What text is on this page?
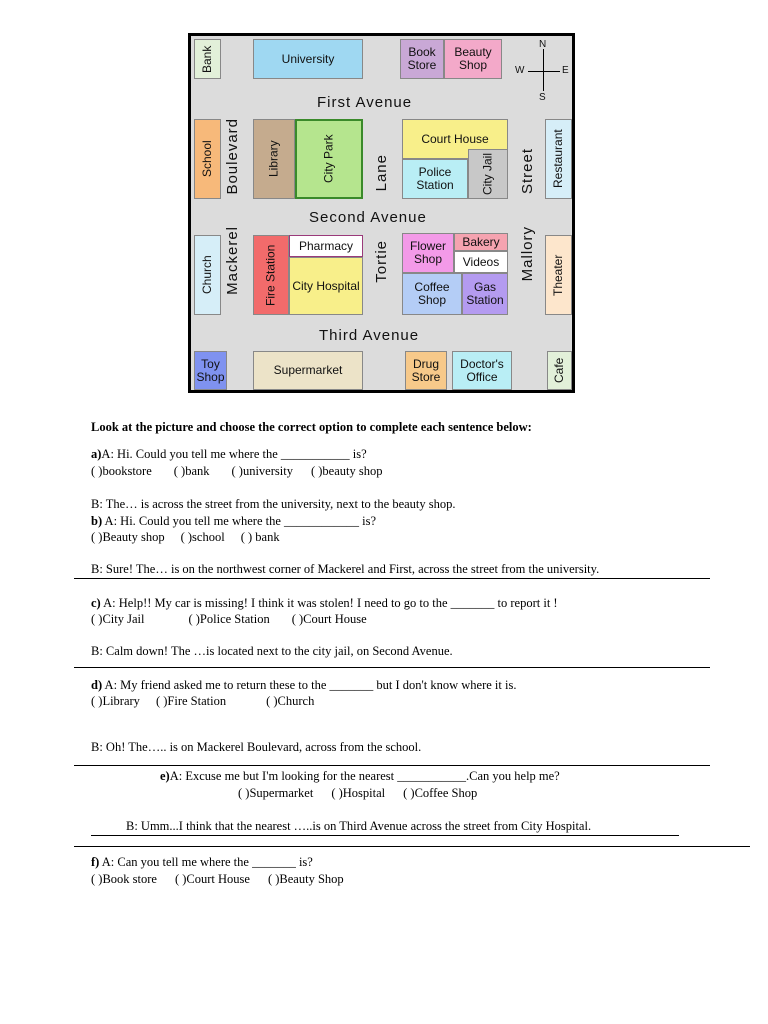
Bank	University	Book Store
Beauty Shop
N
S
W	E
First Avenue
School Boulevard	Library	City Park	Lane
Court House
Police Station	City Jail	Street	Restaurant
Second Avenue
Church Mackerel	Fire Station	Pharmacy
City Hospital
Tortie	Flower Shop
Bakery
Videos
Coffee Shop
Gas Station
Mallory	Theater
Third Avenue
Toy Shop	Supermarket	Drug Store
Doctor's Office	Cafe
Look at the picture and choose the correct option to complete each sentence below:
a)A: Hi. Could you tell me where the ___________ is?
( )bookstore ( )bank ( )university ( )beauty shop
B: The… is across the street from the university, next to the beauty shop.
b) A: Hi. Could you tell me where the ____________ is?
( )Beauty shop ( )school ( ) bank
B: Sure! The… is on the northwest corner of Mackerel and First, across the street from the university.
c) A: Help!! My car is missing! I think it was stolen! I need to go to the _______ to report it !
( )City Jail	( )Police Station ( )Court House
B: Calm down! The …is located next to the city jail, on Second Avenue.
d) A: My friend asked me to return these to the _______ but I don't know where it is.
( )Library ( )Fire Station	( )Church
B: Oh! The….. is on Mackerel Boulevard, across from the school.
e)A: Excuse me but I'm looking for the nearest ___________.Can you help me?
( )Supermarket ( )Hospital ( )Coffee Shop
B: Umm...I think that the nearest …..is on Third Avenue across the street from City Hospital.
f) A: Can you tell me where the _______ is?
( )Book store ( )Court House ( )Beauty Shop
